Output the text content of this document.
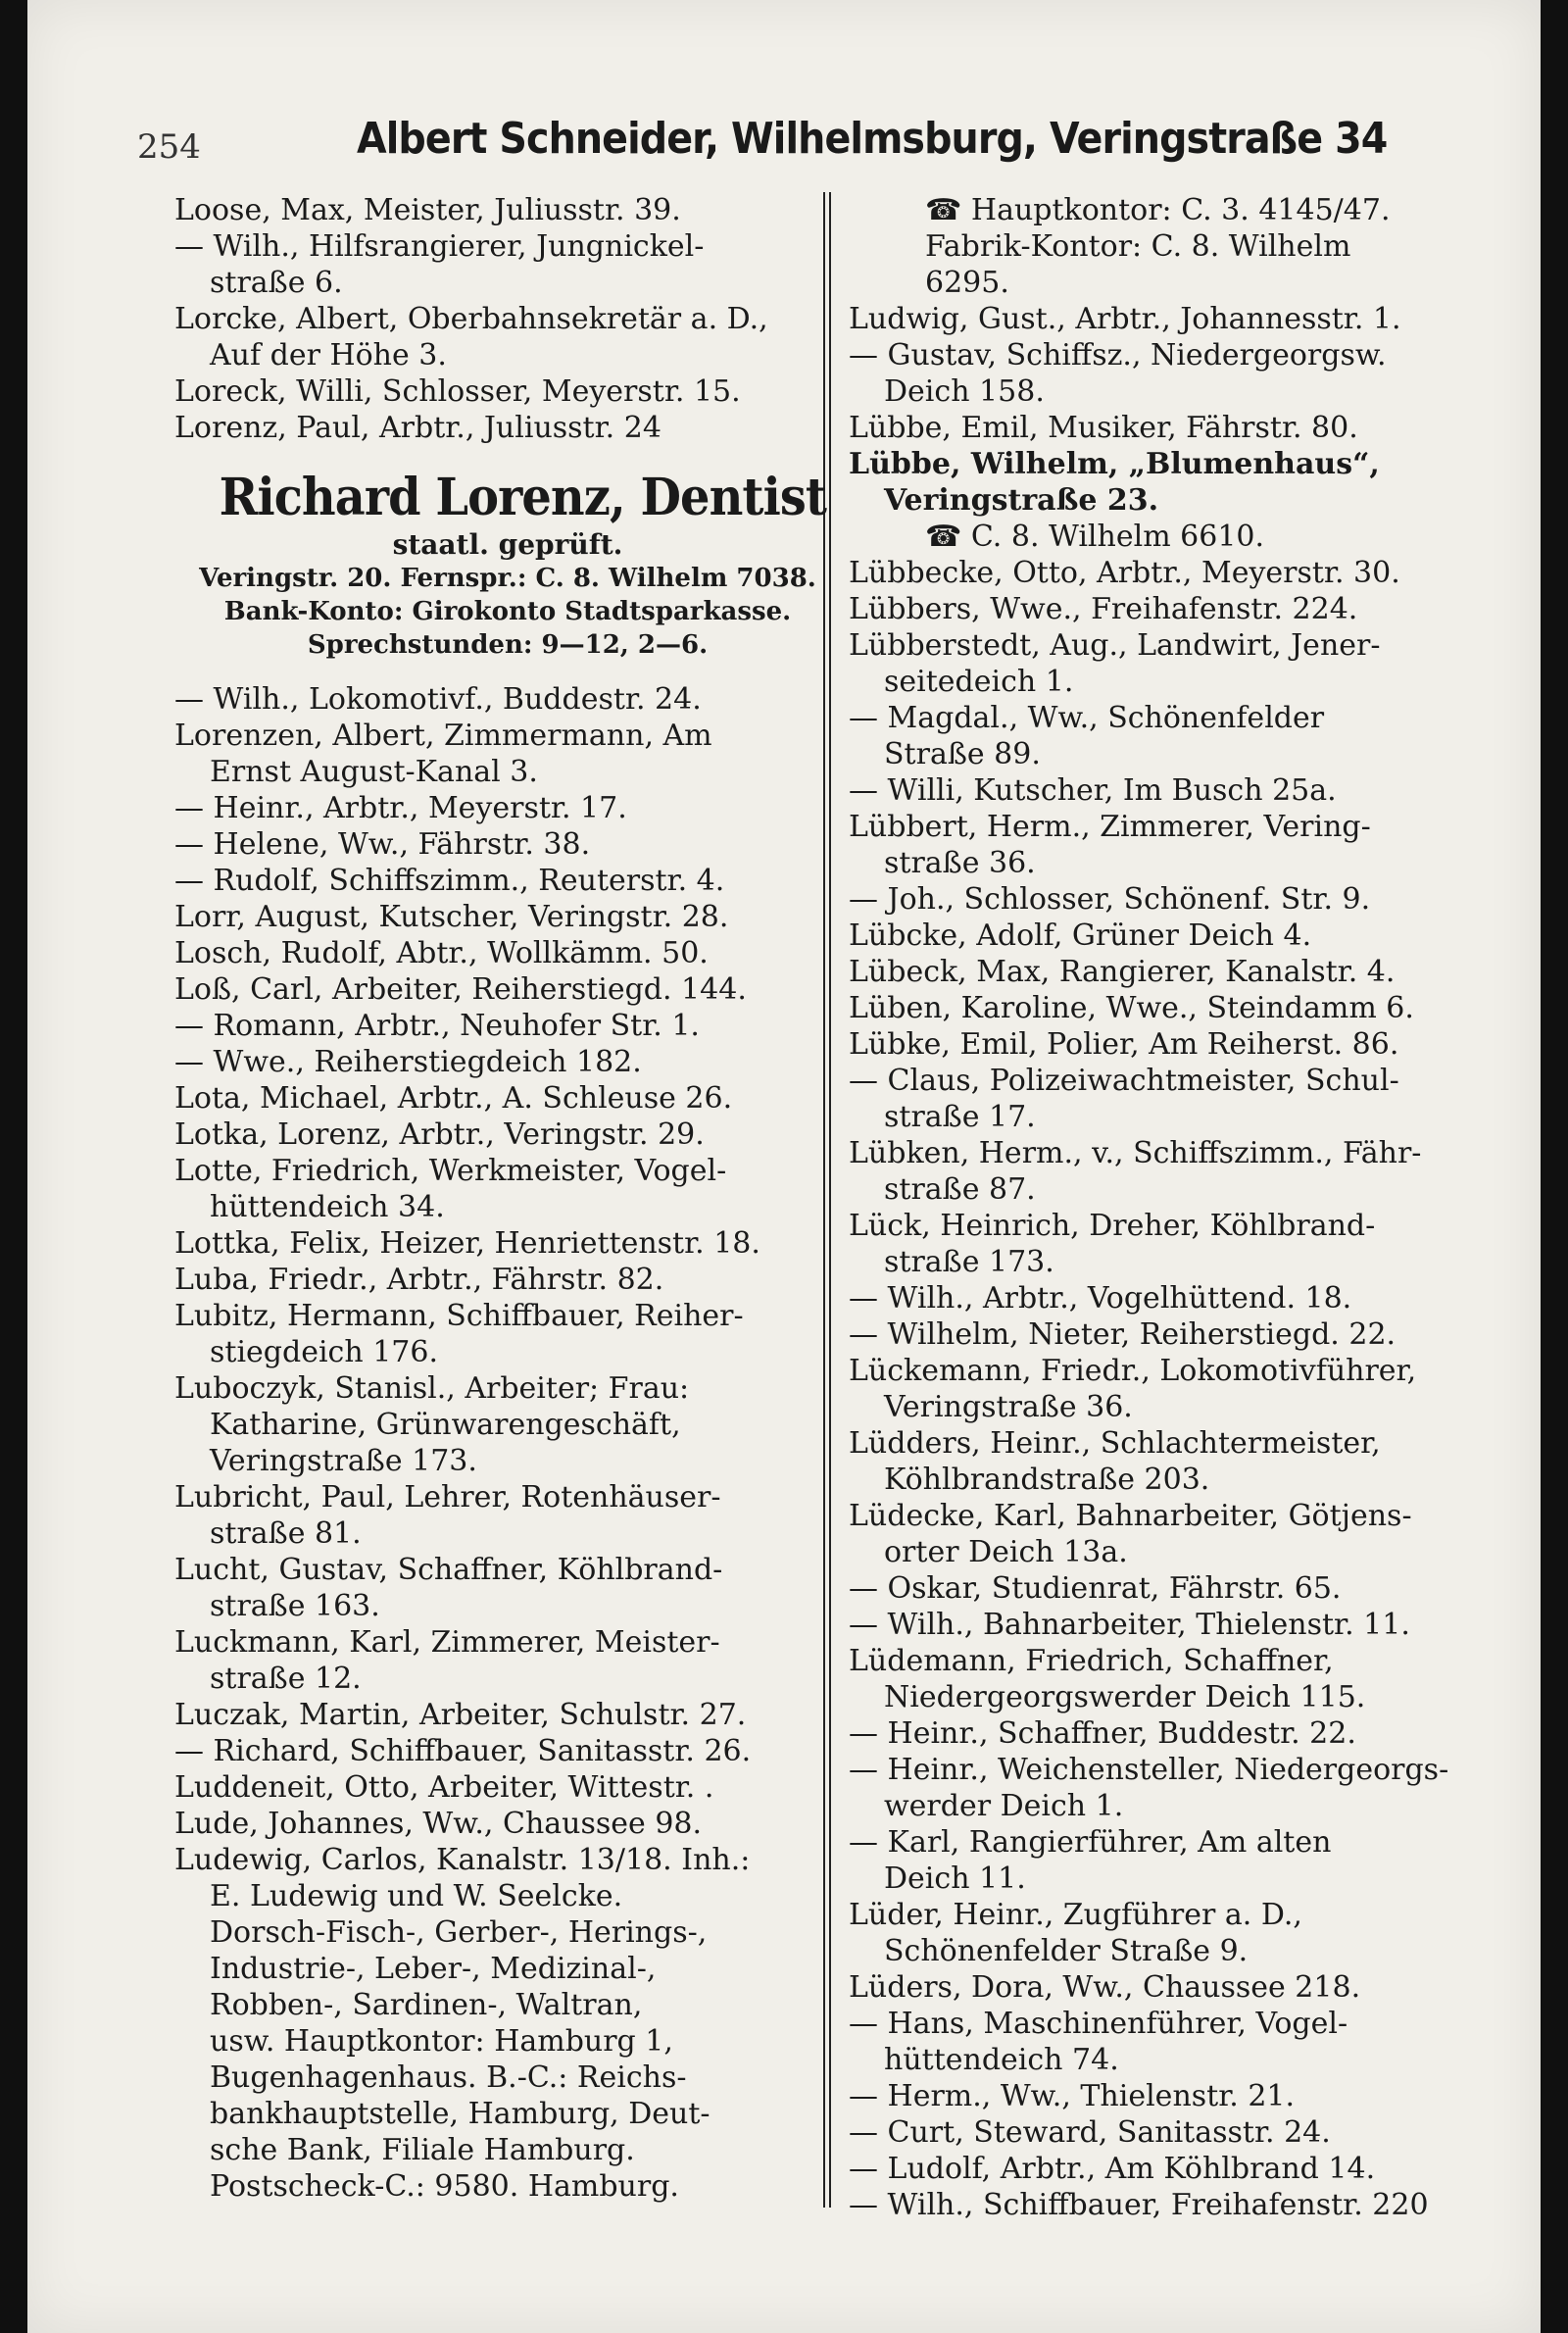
254	Albert Schneider, Wilhelmsburg, Veringstraße 34
Loose, Max, Meister, Juliusstr. 39.
— Wilh., Hilfsrangierer, Jungnickel-
straße 6.
Lorcke, Albert, Oberbahnsekretär a. D.,
Auf der Höhe 3.
Loreck, Willi, Schlosser, Meyerstr. 15.
Lorenz, Paul, Arbtr., Juliusstr. 24
Richard Lorenz, Dentist
staatl. geprüft.
Veringstr. 20. Fernspr.: C. 8. Wilhelm 7038.
Bank-Konto: Girokonto Stadtsparkasse.
Sprechstunden: 9—12, 2—6.
— Wilh., Lokomotivf., Buddestr. 24.
Lorenzen, Albert, Zimmermann, Am
Ernst August-Kanal 3.
— Heinr., Arbtr., Meyerstr. 17.
— Helene, Ww., Fährstr. 38.
— Rudolf, Schiffszimm., Reuterstr. 4.
Lorr, August, Kutscher, Veringstr. 28.
Losch, Rudolf, Abtr., Wollkämm. 50.
Loß, Carl, Arbeiter, Reiherstiegd. 144.
— Romann, Arbtr., Neuhofer Str. 1.
— Wwe., Reiherstiegdeich 182.
Lota, Michael, Arbtr., A. Schleuse 26.
Lotka, Lorenz, Arbtr., Veringstr. 29.
Lotte, Friedrich, Werkmeister, Vogel-
hüttendeich 34.
Lottka, Felix, Heizer, Henriettenstr. 18.
Luba, Friedr., Arbtr., Fährstr. 82.
Lubitz, Hermann, Schiffbauer, Reiher-
stiegdeich 176.
Luboczyk, Stanisl., Arbeiter; Frau:
Katharine, Grünwarengeschäft,
Veringstraße 173.
Lubricht, Paul, Lehrer, Rotenhäuser-
straße 81.
Lucht, Gustav, Schaffner, Köhlbrand-
straße 163.
Luckmann, Karl, Zimmerer, Meister-
straße 12.
Luczak, Martin, Arbeiter, Schulstr. 27.
— Richard, Schiffbauer, Sanitasstr. 26.
Luddeneit, Otto, Arbeiter, Wittestr. .
Lude, Johannes, Ww., Chaussee 98.
Ludewig, Carlos, Kanalstr. 13/18. Inh.:
E. Ludewig und W. Seelcke.
Dorsch-Fisch-, Gerber-, Herings-,
Industrie-, Leber-, Medizinal-,
Robben-, Sardinen-, Waltran,
usw. Hauptkontor: Hamburg 1,
Bugenhagenhaus. B.-C.: Reichs-
bankhauptstelle, Hamburg, Deut-
sche Bank, Filiale Hamburg.
Postscheck-C.: 9580. Hamburg.
☎ Hauptkontor: C. 3. 4145/47.
Fabrik-Kontor: C. 8. Wilhelm
6295.
Ludwig, Gust., Arbtr., Johannesstr. 1.
— Gustav, Schiffsz., Niedergeorgsw.
Deich 158.
Lübbe, Emil, Musiker, Fährstr. 80.
Lübbe, Wilhelm, „Blumenhaus“,
Veringstraße 23.
☎ C. 8. Wilhelm 6610.
Lübbecke, Otto, Arbtr., Meyerstr. 30.
Lübbers, Wwe., Freihafenstr. 224.
Lübberstedt, Aug., Landwirt, Jener-
seitedeich 1.
— Magdal., Ww., Schönenfelder
Straße 89.
— Willi, Kutscher, Im Busch 25a.
Lübbert, Herm., Zimmerer, Vering-
straße 36.
— Joh., Schlosser, Schönenf. Str. 9.
Lübcke, Adolf, Grüner Deich 4.
Lübeck, Max, Rangierer, Kanalstr. 4.
Lüben, Karoline, Wwe., Steindamm 6.
Lübke, Emil, Polier, Am Reiherst. 86.
— Claus, Polizeiwachtmeister, Schul-
straße 17.
Lübken, Herm., v., Schiffszimm., Fähr-
straße 87.
Lück, Heinrich, Dreher, Köhlbrand-
straße 173.
— Wilh., Arbtr., Vogelhüttend. 18.
— Wilhelm, Nieter, Reiherstiegd. 22.
Lückemann, Friedr., Lokomotivführer,
Veringstraße 36.
Lüdders, Heinr., Schlachtermeister,
Köhlbrandstraße 203.
Lüdecke, Karl, Bahnarbeiter, Götjens-
orter Deich 13a.
— Oskar, Studienrat, Fährstr. 65.
— Wilh., Bahnarbeiter, Thielenstr. 11.
Lüdemann, Friedrich, Schaffner,
Niedergeorgswerder Deich 115.
— Heinr., Schaffner, Buddestr. 22.
— Heinr., Weichensteller, Niedergeorgs-
werder Deich 1.
— Karl, Rangierführer, Am alten
Deich 11.
Lüder, Heinr., Zugführer a. D.,
Schönenfelder Straße 9.
Lüders, Dora, Ww., Chaussee 218.
— Hans, Maschinenführer, Vogel-
hüttendeich 74.
— Herm., Ww., Thielenstr. 21.
— Curt, Steward, Sanitasstr. 24.
— Ludolf, Arbtr., Am Köhlbrand 14.
— Wilh., Schiffbauer, Freihafenstr. 220
